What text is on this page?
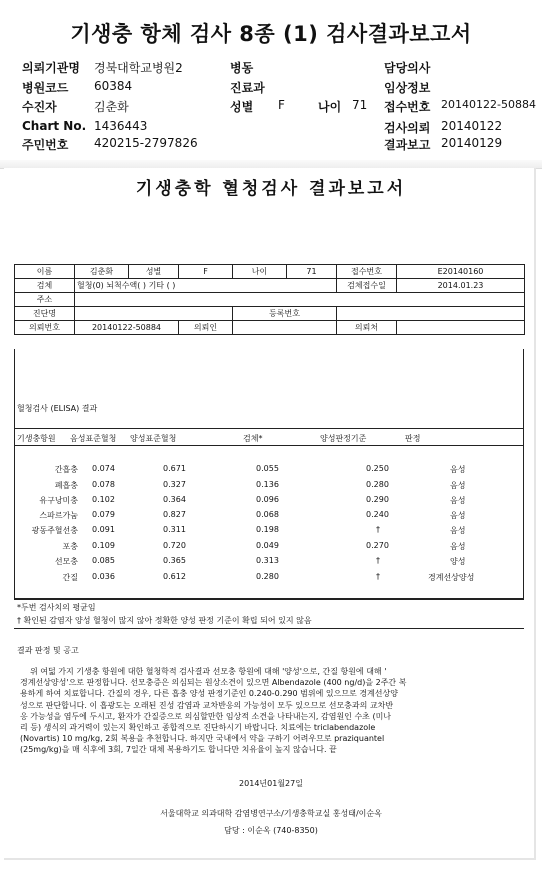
기생충 항체 검사 8종 (1) 검사결과보고서
의뢰기관명 경북대학교병원2	병동	담당의사
병원코드 60384	진료과	임상정보
수진자	김춘화	성별 F	나이 71 접수번호 20140122-50884
Chart No. 1436443	검사의뢰 20140122
주민번호 420215-2797826	결과보고 20140129
기생충학 혈청검사 결과보고서
이름	김춘화	성별	F	나이	71	접수번호	E20140160
검체	혈청(0) 뇌척수액( ) 기타 ( )					검체접수일	2014.01.23
주소							
진단명				등록번호			
의뢰번호	20140122-50884		의뢰인			의뢰처	
혈청검사 (ELISA) 결과
기생충항원 음성표준혈청 양성표준혈청	검체*	양성판정기준	판정
간흡충 0.074	0.671	0.055	0.250	음성
폐흡충 0.078	0.327	0.136	0.280	음성
유구낭미충 0.102	0.364	0.096	0.290	음성
스파르가눔 0.079	0.827	0.068	0.240	음성
광동주혈선충 0.091	0.311	0.198	†	음성
포충 0.109	0.720	0.049	0.270	음성
선모충 0.085	0.365	0.313	†	양성
간질 0.036	0.612	0.280	†	경계선상양성
*두번 검사치의 평균임
† 확인된 감염자 양성 혈청이 많지 않아 정확한 양성 판정 기준이 확립 되어 있지 않음
결과 판정 및 공고
위 여덟 가지 기생충 항원에 대한 혈청학적 검사결과 선모충 항원에 대해 '양성'으로, 간질 항원에 대해 '
경계선상양성'으로 판정합니다. 선모충증은 의심되는 원상소견이 있으면 Albendazole (400 ng/d)을 2주간 복
용하게 하여 치료합니다. 간질의 경우, 다른 흡충 양성 판정기준인 0.240-0.290 범위에 있으므로 경계선상양
성으로 판단합니다. 이 흡광도는 오래된 진성 감염과 교차반응의 가능성이 모두 있으므로 선모충과의 교차반
응 가능성을 염두에 두시고, 환자가 간질증으로 의심할만한 임상적 소견을 나타내는지, 감염원인 수초 (미나
리 등) 생식의 과거력이 있는지 확인하고 종합적으로 진단하시기 바랍니다. 치료에는 triclabendazole
(Novartis) 10 mg/kg, 2회 복용을 추천합니다. 하지만 국내에서 약을 구하기 어려우므로 praziquantel
(25mg/kg)을 매 식후에 3회, 7일간 대체 복용하기도 합니다만 치유율이 높지 않습니다. 끝
2014년01월27일
서울대학교 의과대학 감염병연구소/기생충학교실 홍성태/이순옥
담당 : 이순옥 (740-8350)
